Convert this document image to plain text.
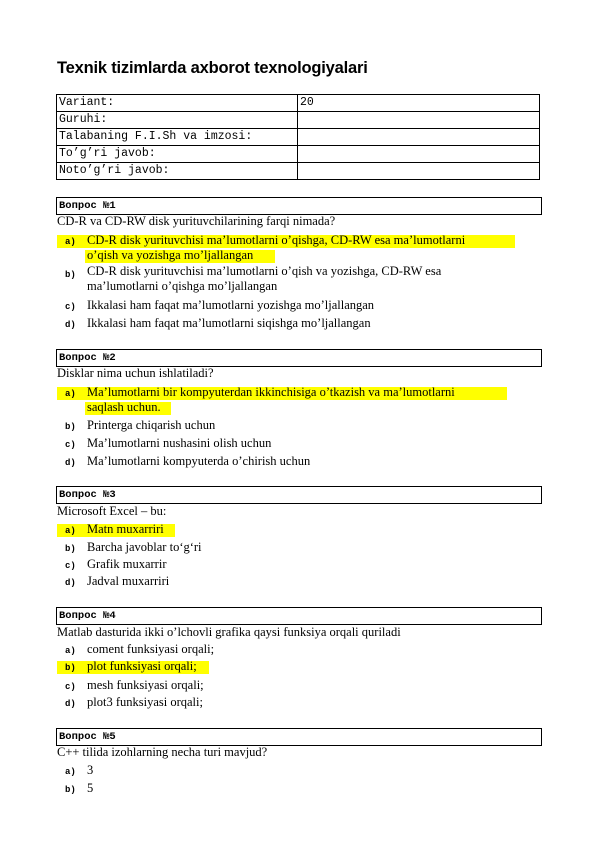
Texnik tizimlarda axborot texnologiyalari
Variant:	20
Guruhi:	
Talabaning F.I.Sh va imzosi:	
To’g’ri javob:	
Noto’g’ri javob:	
Вопрос №1
CD-R va CD-RW disk yurituvchilarining farqi nimada?
a) CD-R disk yurituvchisi ma’lumotlarni o’qishga, CD-RW esa ma’lumotlarni
o’qish va yozishga mo’ljallangan
b) CD-R disk yurituvchisi ma’lumotlarni o’qish va yozishga, CD-RW esa
ma’lumotlarni o’qishga mo’ljallangan
c) Ikkalasi ham faqat ma’lumotlarni yozishga mo’ljallangan
d) Ikkalasi ham faqat ma’lumotlarni siqishga mo’ljallangan
Вопрос №2
Disklar nima uchun ishlatiladi?
a) Ma’lumotlarni bir kompyuterdan ikkinchisiga o’tkazish va ma’lumotlarni
saqlash uchun.
b) Printerga chiqarish uchun
c) Ma’lumotlarni nushasini olish uchun
d) Ma’lumotlarni kompyuterda o’chirish uchun
Вопрос №3
Microsoft Excel – bu:
a) Matn muxarriri
b) Barcha javoblar to‘g‘ri
c) Grafik muxarrir
d) Jadval muxarriri
Вопрос №4
Matlab dasturida ikki o’lchovli grafika qaysi funksiya orqali quriladi
a) coment funksiyasi orqali;
b) plot funksiyasi orqali;
c) mesh funksiyasi orqali;
d) plot3 funksiyasi orqali;
Вопрос №5
C++ tilida izohlarning necha turi mavjud?
a) 3
b) 5
